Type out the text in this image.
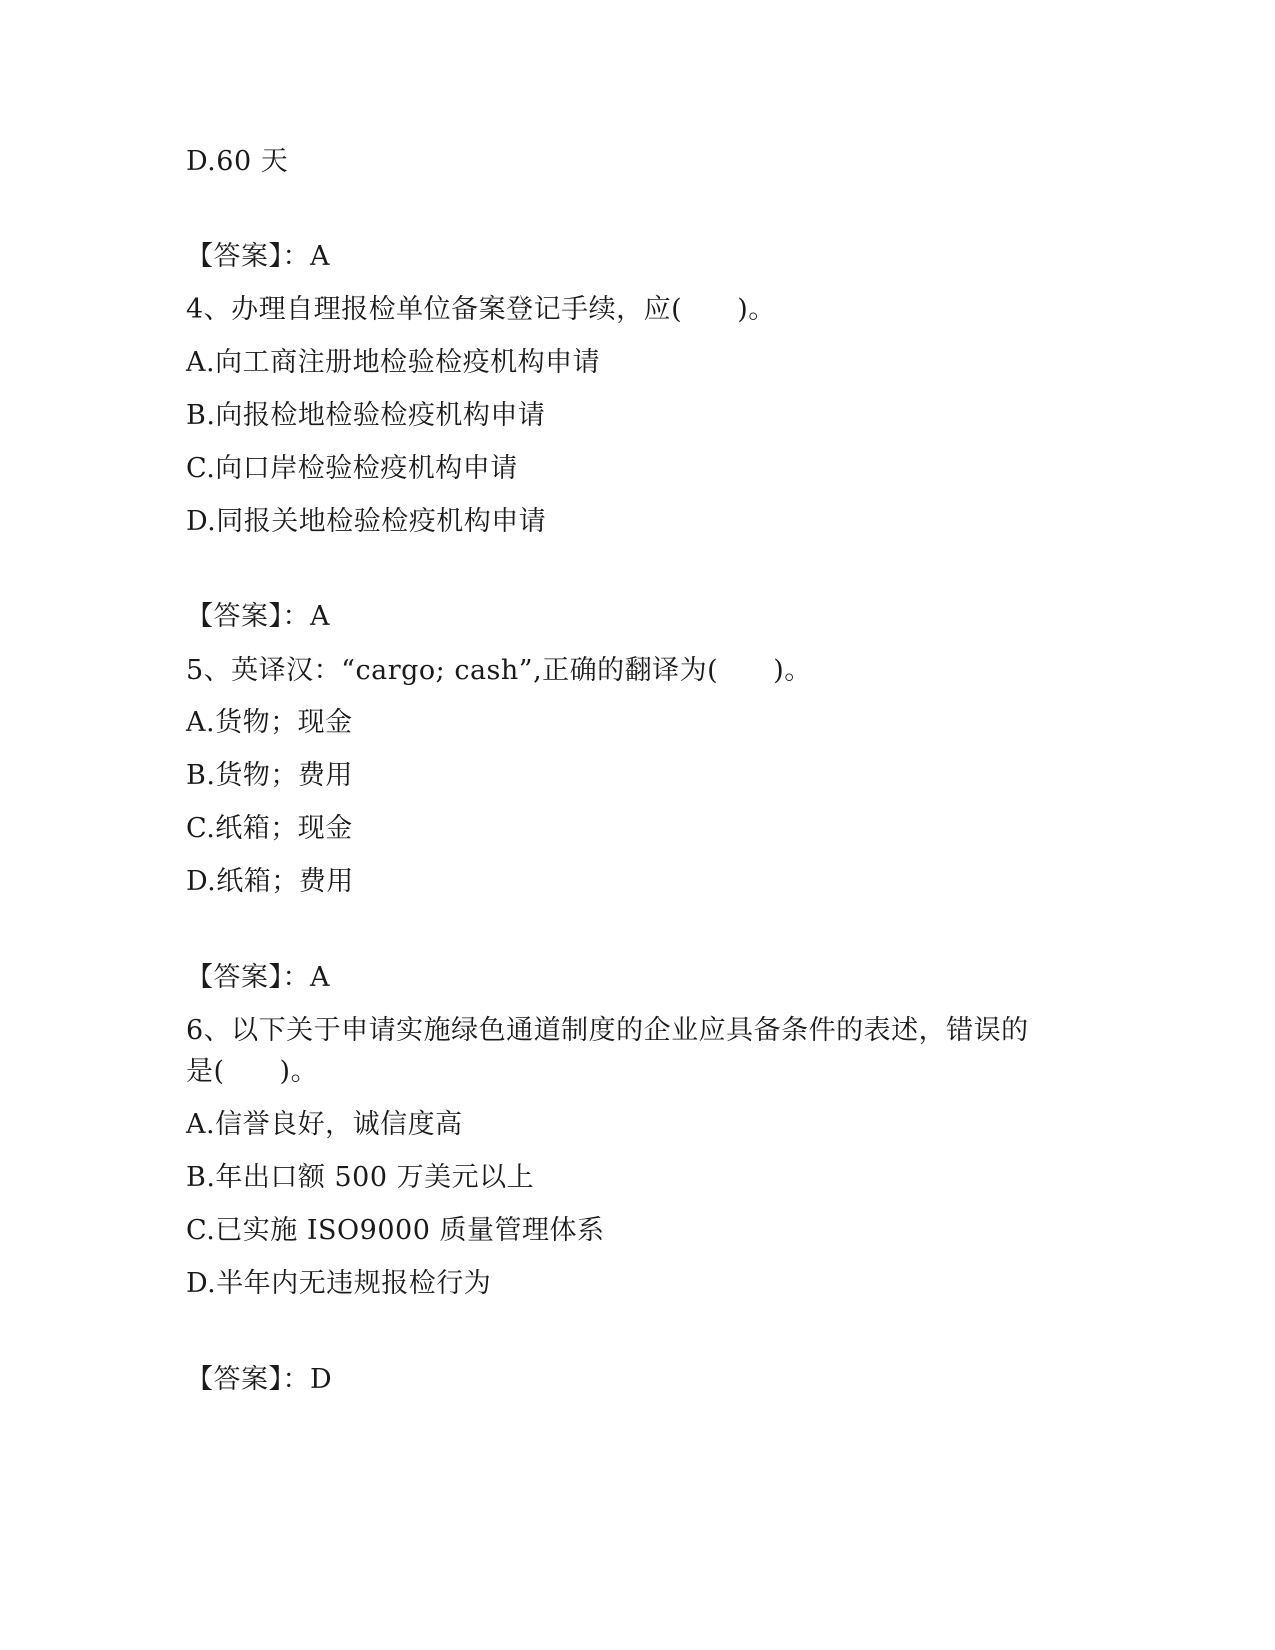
D.60 天
【答案】：A
4、办理自理报检单位备案登记手续，应(　　)。
A.向工商注册地检验检疫机构申请
B.向报检地检验检疫机构申请
C.向口岸检验检疫机构申请
D.同报关地检验检疫机构申请
【答案】：A
5、英译汉：“cargo; cash”,正确的翻译为(　　)。
A.货物；现金
B.货物；费用
C.纸箱；现金
D.纸箱；费用
【答案】：A
6、以下关于申请实施绿色通道制度的企业应具备条件的表述，错误的
是(　　)。
A.信誉良好，诚信度高
B.年出口额 500 万美元以上
C.已实施 ISO9000 质量管理体系
D.半年内无违规报检行为
【答案】：D
